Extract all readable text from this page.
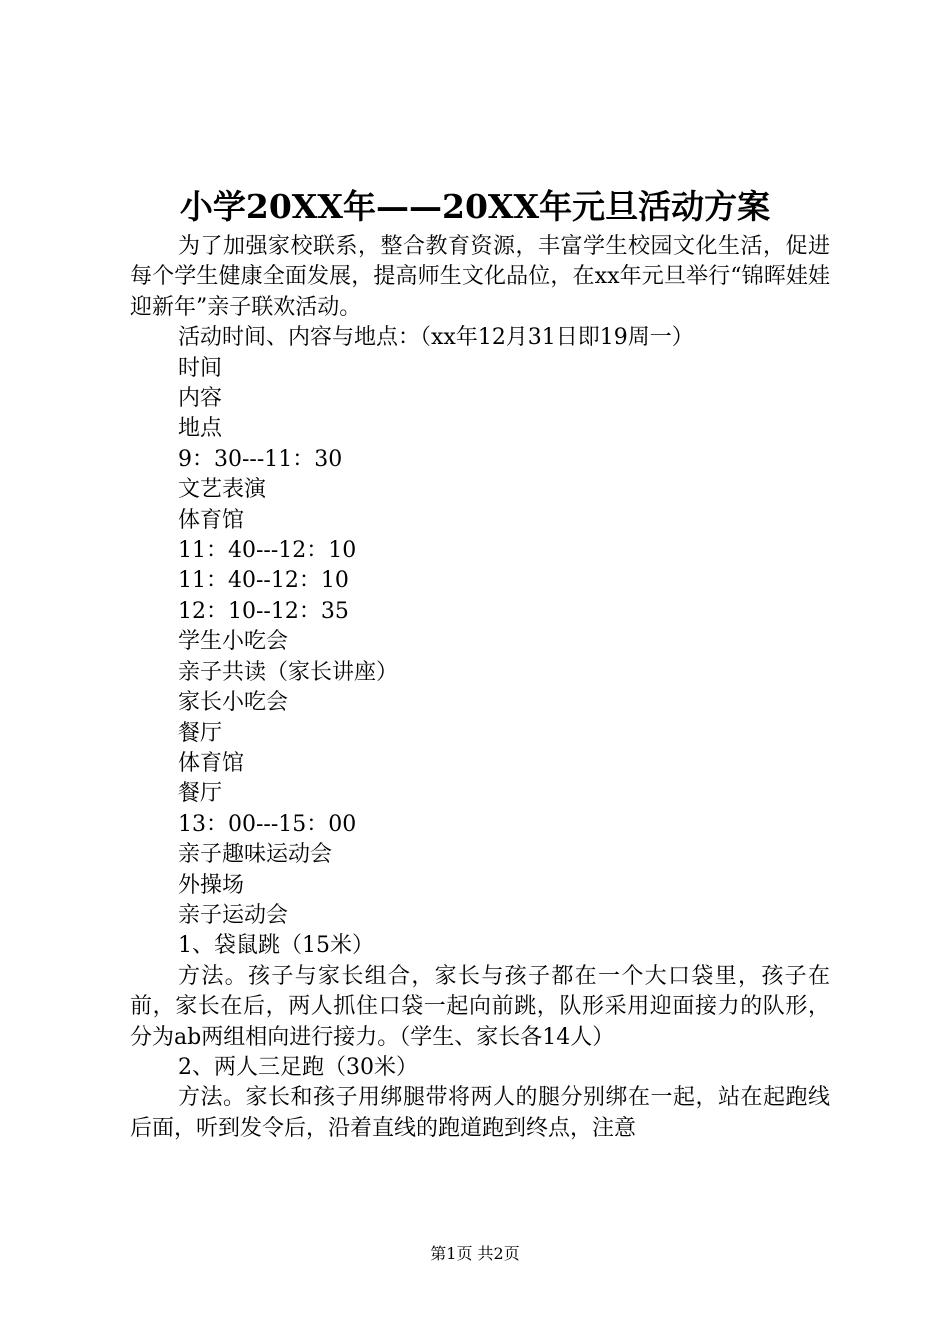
小学20XX年——20XX年元旦活动方案

为了加强家校联系，整合教育资源，丰富学生校园文化生活，促进每个学生健康全面发展，提高师生文化品位，在xx年元旦举行“锦晖娃娃迎新年”亲子联欢活动。

活动时间、内容与地点：（xx年12月31日即19周一）

时间

内容

地点

9：30---11：30

文艺表演

体育馆

11：40---12：10

11：40--12：10

12：10--12：35

学生小吃会

亲子共读（家长讲座）

家长小吃会

餐厅

体育馆

餐厅

13：00---15：00

亲子趣味运动会

外操场

亲子运动会

1、袋鼠跳（15米）

方法。孩子与家长组合，家长与孩子都在一个大口袋里，孩子在前，家长在后，两人抓住口袋一起向前跳，队形采用迎面接力的队形，分为ab两组相向进行接力。（学生、家长各14人）

2、两人三足跑（30米）

方法。家长和孩子用绑腿带将两人的腿分别绑在一起，站在起跑线后面，听到发令后，沿着直线的跑道跑到终点，注意

第1页 共2页
